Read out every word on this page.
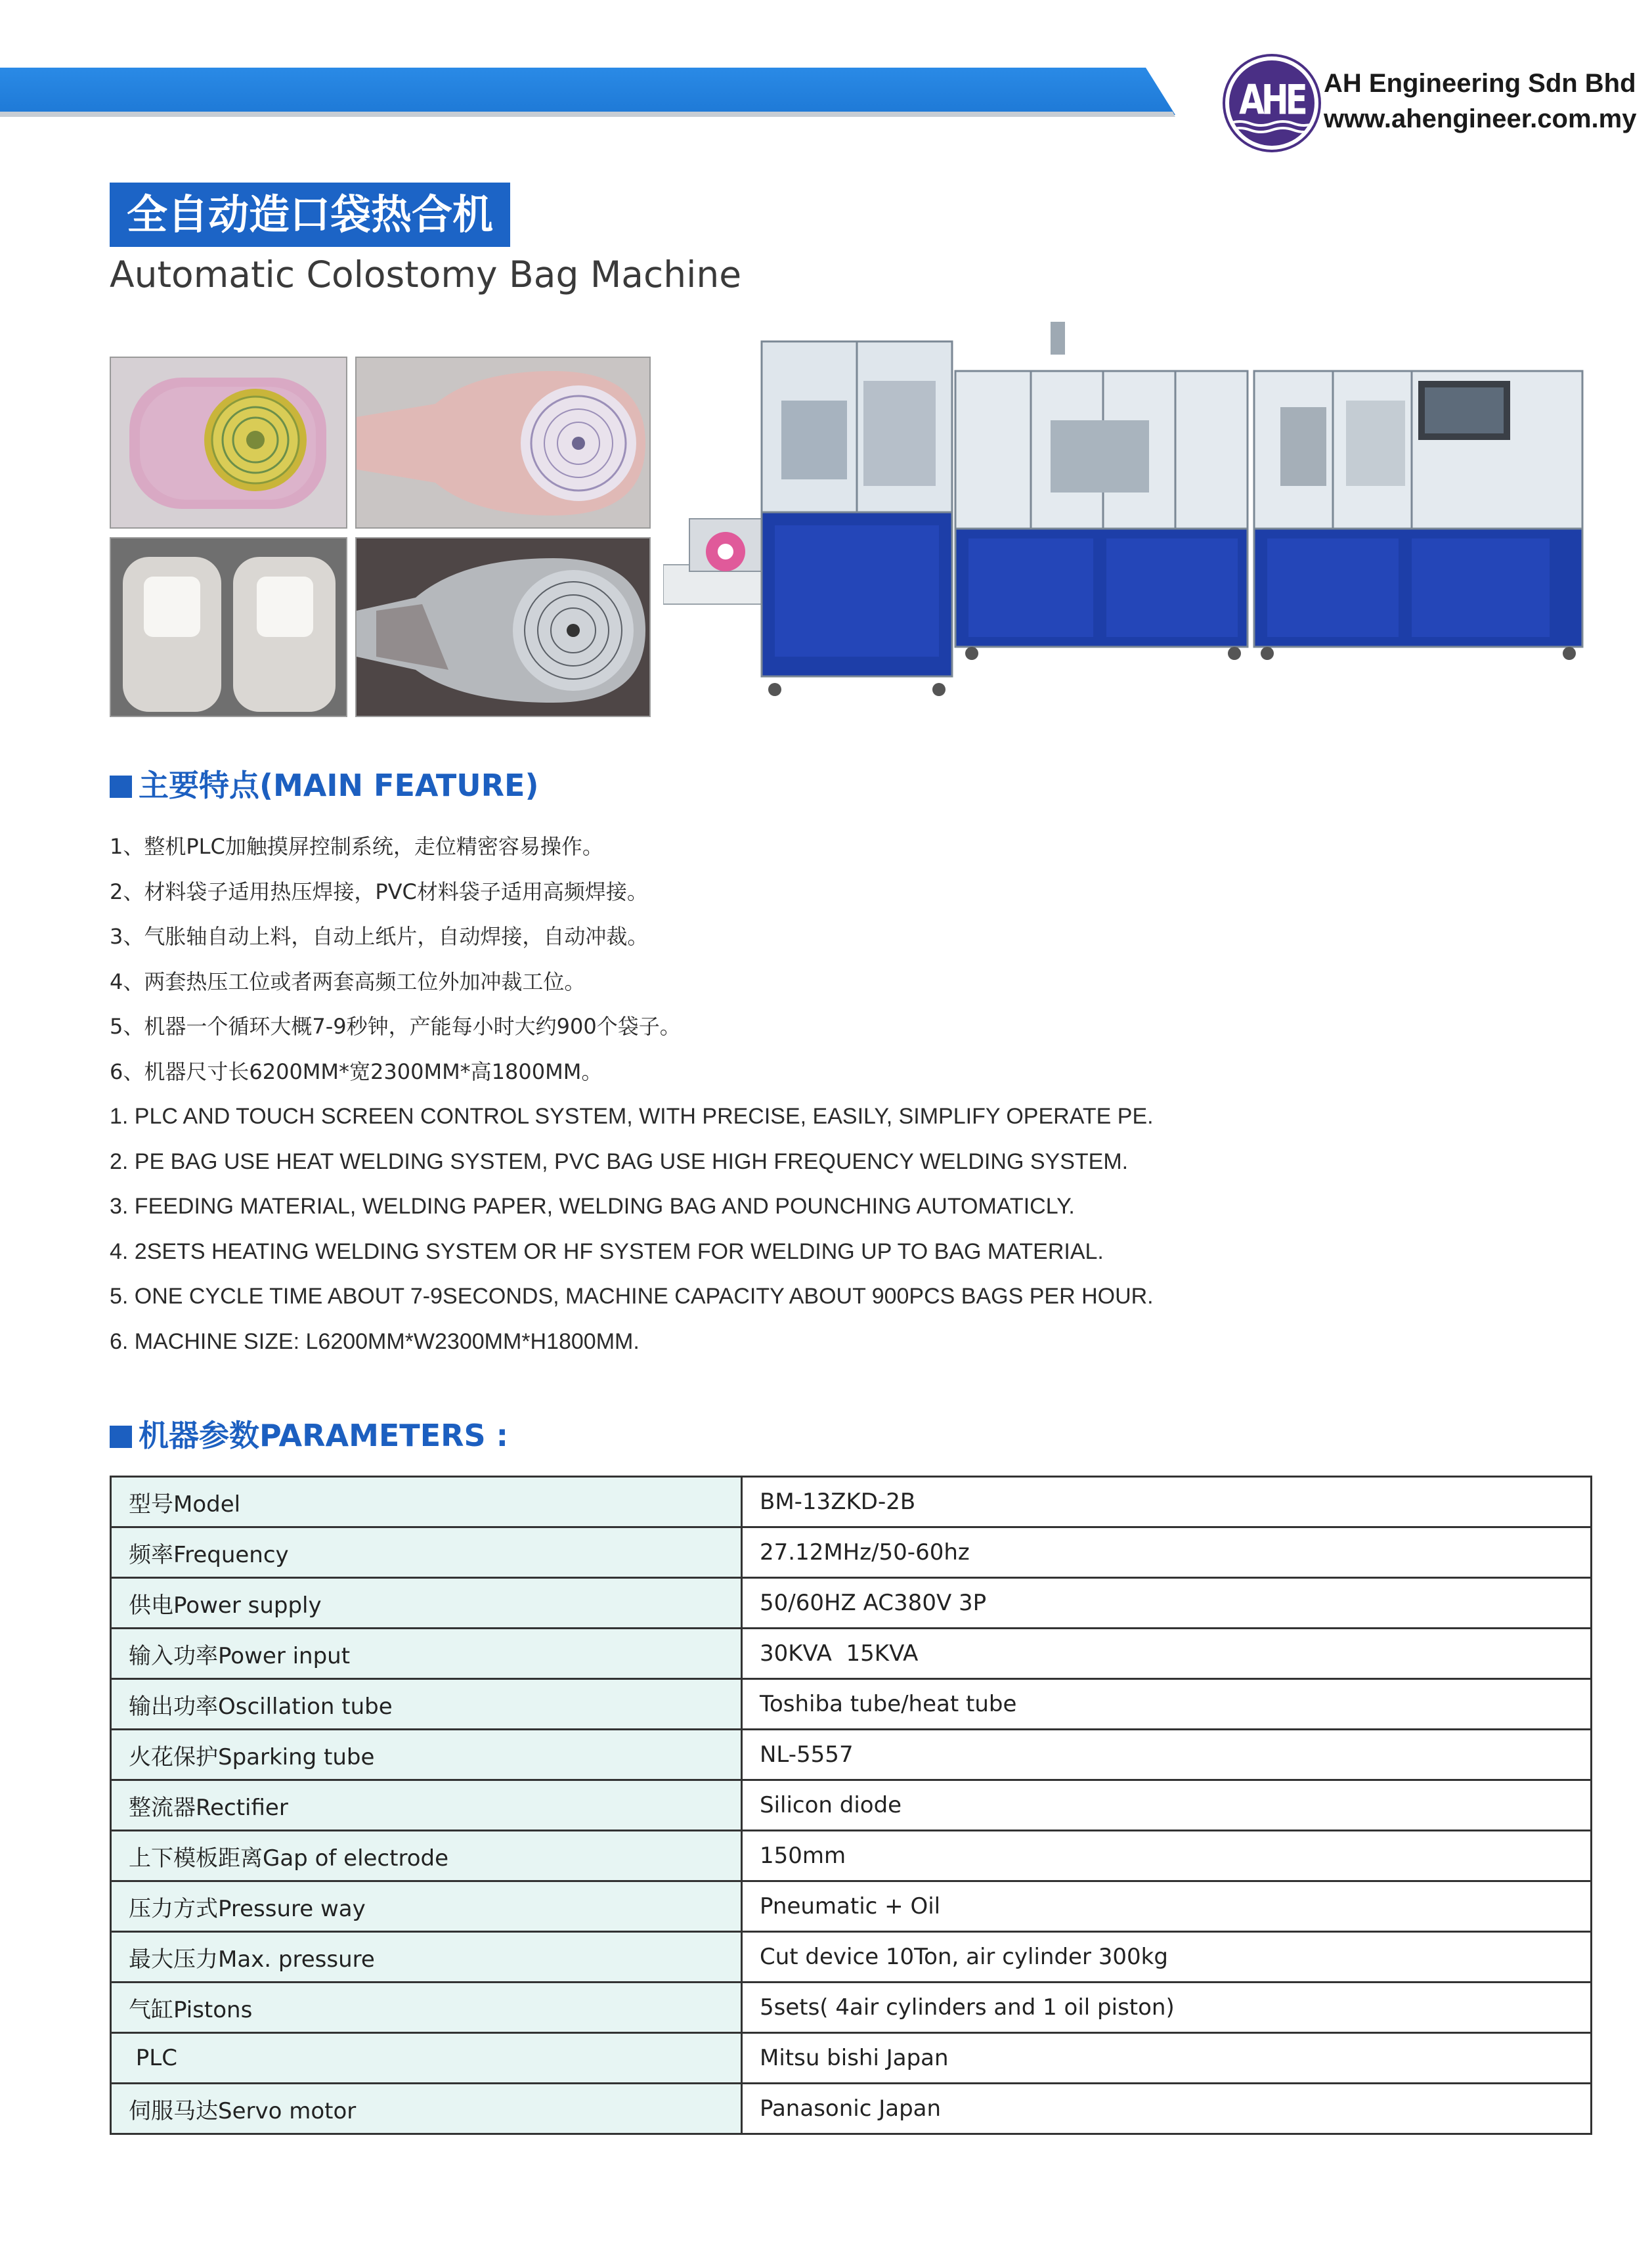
AHE AH Engineering Sdn Bhd
www.ahengineer.com.my
全自动造口袋热合机
Automatic Colostomy Bag Machine
主要特点(MAIN FEATURE)
1、整机PLC加触摸屏控制系统，走位精密容易操作。
2、材料袋子适用热压焊接，PVC材料袋子适用高频焊接。
3、气胀轴自动上料，自动上纸片，自动焊接，自动冲裁。
4、两套热压工位或者两套高频工位外加冲裁工位。
5、机器一个循环大概7-9秒钟，产能每小时大约900个袋子。
6、机器尺寸长6200MM*宽2300MM*高1800MM。
1. PLC AND TOUCH SCREEN CONTROL SYSTEM, WITH PRECISE, EASILY, SIMPLIFY OPERATE PE.
2. PE BAG USE HEAT WELDING SYSTEM, PVC BAG USE HIGH FREQUENCY WELDING SYSTEM.
3. FEEDING MATERIAL, WELDING PAPER, WELDING BAG AND POUNCHING AUTOMATICLY.
4. 2SETS HEATING WELDING SYSTEM OR HF SYSTEM FOR WELDING UP TO BAG MATERIAL.
5. ONE CYCLE TIME ABOUT 7-9SECONDS, MACHINE CAPACITY ABOUT 900PCS BAGS PER HOUR.
6. MACHINE SIZE: L6200MM*W2300MM*H1800MM.
机器参数PARAMETERS :
型号Model	BM-13ZKD-2B
频率Frequency	27.12MHz/50-60hz
供电Power supply	50/60HZ AC380V 3P
输入功率Power input	30KVA  15KVA
输出功率Oscillation tube	Toshiba tube/heat tube
火花保护Sparking tube	NL-5557
整流器Rectifier	Silicon diode
上下模板距离Gap of electrode	150mm
压力方式Pressure way	Pneumatic + Oil
最大压力Max. pressure	Cut device 10Ton, air cylinder 300kg
气缸Pistons	5sets( 4air cylinders and 1 oil piston)
PLC	Mitsu bishi Japan
伺服马达Servo motor	Panasonic Japan
